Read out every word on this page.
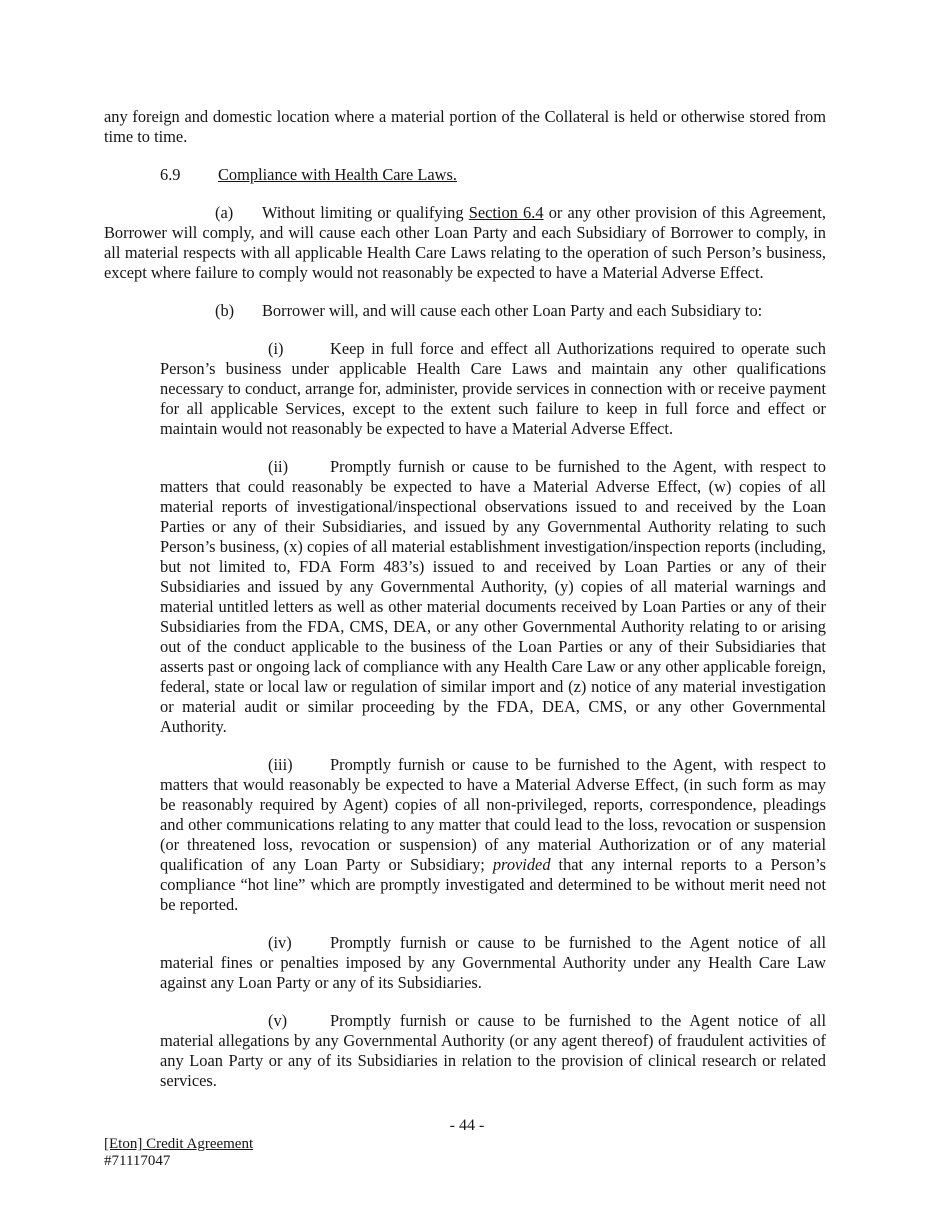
any foreign and domestic location where a material portion of the Collateral is held or otherwise stored from time to time.

6.9 Compliance with Health Care Laws.

(a) Without limiting or qualifying Section 6.4 or any other provision of this Agreement, Borrower will comply, and will cause each other Loan Party and each Subsidiary of Borrower to comply, in all material respects with all applicable Health Care Laws relating to the operation of such Person’s business, except where failure to comply would not reasonably be expected to have a Material Adverse Effect.

(b) Borrower will, and will cause each other Loan Party and each Subsidiary to:

(i)	Keep in full force and effect all Authorizations required to operate such Person’s business under applicable Health Care Laws and maintain any other qualifications necessary to conduct, arrange for, administer, provide services in connection with or receive payment for all applicable Services, except to the extent such failure to keep in full force and effect or maintain would not reasonably be expected to have a Material Adverse Effect.

(ii)	Promptly furnish or cause to be furnished to the Agent, with respect to matters that could reasonably be expected to have a Material Adverse Effect, (w) copies of all material reports of investigational/inspectional observations issued to and received by the Loan Parties or any of their Subsidiaries, and issued by any Governmental Authority relating to such Person’s business, (x) copies of all material establishment investigation/inspection reports (including, but not limited to, FDA Form 483’s) issued to and received by Loan Parties or any of their Subsidiaries and issued by any Governmental Authority, (y) copies of all material warnings and material untitled letters as well as other material documents received by Loan Parties or any of their Subsidiaries from the FDA, CMS, DEA, or any other Governmental Authority relating to or arising out of the conduct applicable to the business of the Loan Parties or any of their Subsidiaries that asserts past or ongoing lack of compliance with any Health Care Law or any other applicable foreign, federal, state or local law or regulation of similar import and (z) notice of any material investigation or material audit or similar proceeding by the FDA, DEA, CMS, or any other Governmental Authority.

(iii) Promptly furnish or cause to be furnished to the Agent, with respect to matters that would reasonably be expected to have a Material Adverse Effect, (in such form as may be reasonably required by Agent) copies of all non-privileged, reports, correspondence, pleadings and other communications relating to any matter that could lead to the loss, revocation or suspension (or threatened loss, revocation or suspension) of any material Authorization or of any material qualification of any Loan Party or Subsidiary; provided that any internal reports to a Person’s compliance “hot line” which are promptly investigated and determined to be without merit need not be reported.

(iv) Promptly furnish or cause to be furnished to the Agent notice of all material fines or penalties imposed by any Governmental Authority under any Health Care Law against any Loan Party or any of its Subsidiaries.

(v)	Promptly furnish or cause to be furnished to the Agent notice of all material allegations by any Governmental Authority (or any agent thereof) of fraudulent activities of any Loan Party or any of its Subsidiaries in relation to the provision of clinical research or related services.

- 44 -
[Eton] Credit Agreement
#71117047
